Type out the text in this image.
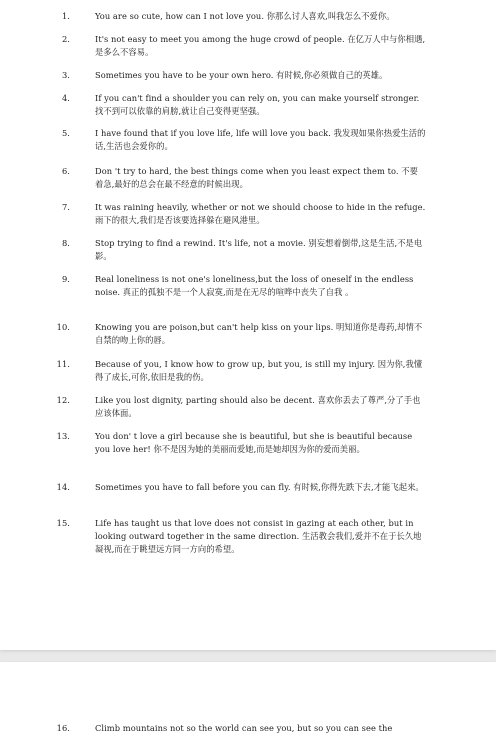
1.	You are so cute, how can I not love you. 你那么讨人喜欢,叫我怎么不爱你。
2.	It's not easy to meet you among the huge crowd of people. 在亿万人中与你相遇,是多么不容易。
3.	Sometimes you have to be your own hero. 有时候,你必须做自己的英雄。
4.	If you can't find a shoulder you can rely on, you can make yourself stronger. 找不到可以依靠的肩膀,就让自己变得更坚强。
5.	I have found that if you love life, life will love you back. 我发现如果你热爱生活的话,生活也会爱你的。
6.	Don 't try to hard, the best things come when you least expect them to. 不要着急,最好的总会在最不经意的时候出现。
7.	It was raining heavily, whether or not we should choose to hide in the refuge. 雨下的很大,我们是否该要选择躲在避风港里。
8.	Stop trying to find a rewind. It's life, not a movie. 别妄想着倒带,这是生活,不是电影。
9.	Real loneliness is not one's loneliness,but the loss of oneself in the endless noise. 真正的孤独不是一个人寂寞,而是在无尽的喧哗中丧失了自我 。
10.	Knowing you are poison,but can't help kiss on your lips. 明知道你是毒药,却情不自禁的吻上你的唇。
11.	Because of you, I know how to grow up, but you, is still my injury. 因为你,我懂得了成长,可你,依旧是我的伤。
12.	Like you lost dignity, parting should also be decent. 喜欢你丢去了尊严,分了手也应该体面。
13.	You don' t love a girl because she is beautiful, but she is beautiful because you love her! 你不是因为她的美丽而爱她,而是她却因为你的爱而美丽。
14.	Sometimes you have to fall before you can fly. 有时候,你得先跌下去,才能飞起来。
15.	Life has taught us that love does not consist in gazing at each other, but in looking outward together in the same direction. 生活教会我们,爱并不在于长久地凝视,而在于眺望远方同一方向的希望。
16.	Climb mountains not so the world can see you, but so you can see the
